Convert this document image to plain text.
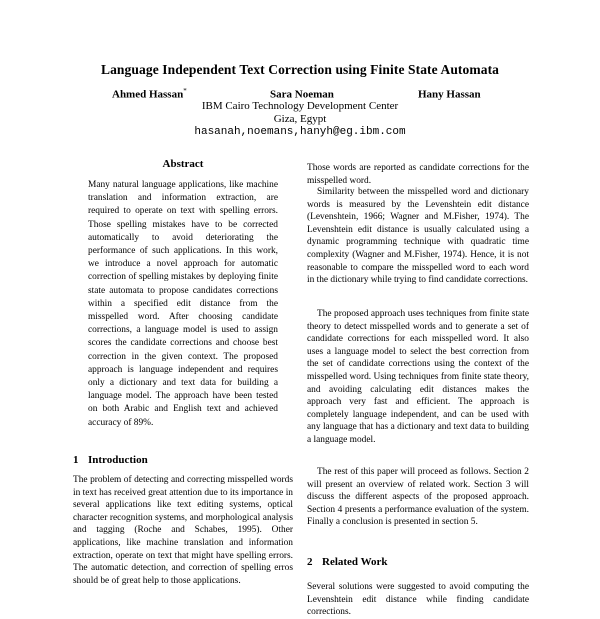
Language Independent Text Correction using Finite State Automata
Ahmed Hassan*	Sara Noeman	Hany Hassan
IBM Cairo Technology Development Center
Giza, Egypt
hasanah,noemans,hanyh@eg.ibm.com
Abstract

Many natural language applications, like machine translation and information extraction, are required to operate on text with spelling errors. Those spelling mistakes have to be corrected automatically to avoid deteriorating the performance of such applications. In this work, we introduce a novel approach for automatic correction of spelling mistakes by deploying finite state automata to propose candidates corrections within a specified edit distance from the misspelled word. After choosing candidate corrections, a language model is used to assign scores the candidate corrections and choose best correction in the given context. The proposed approach is language independent and requires only a dictionary and text data for building a language model. The approach have been tested on both Arabic and English text and achieved accuracy of 89%.

1 Introduction

The problem of detecting and correcting misspelled words in text has received great attention due to its importance in several applications like text editing systems, optical character recognition systems, and morphological analysis and tagging (Roche and Schabes, 1995). Other applications, like machine translation and information extraction, operate on text that might have spelling errors. The automatic detection, and correction of spelling erros should be of great help to those applications.

Those words are reported as candidate corrections for the misspelled word.

Similarity between the misspelled word and dictionary words is measured by the Levenshtein edit distance (Levenshtein, 1966; Wagner and M.Fisher, 1974). The Levenshtein edit distance is usually calculated using a dynamic programming technique with quadratic time complexity (Wagner and M.Fisher, 1974). Hence, it is not reasonable to compare the misspelled word to each word in the dictionary while trying to find candidate corrections.

The proposed approach uses techniques from finite state theory to detect misspelled words and to generate a set of candidate corrections for each misspelled word. It also uses a language model to select the best correction from the set of candidate corrections using the context of the misspelled word. Using techniques from finite state theory, and avoiding calculating edit distances makes the approach very fast and efficient. The approach is completely language independent, and can be used with any language that has a dictionary and text data to building a language model.

The rest of this paper will proceed as follows. Section 2 will present an overview of related work. Section 3 will discuss the different aspects of the proposed approach. Section 4 presents a performance evaluation of the system. Finally a conclusion is presented in section 5.

2 Related Work

Several solutions were suggested to avoid computing the Levenshtein edit distance while finding candidate corrections.
